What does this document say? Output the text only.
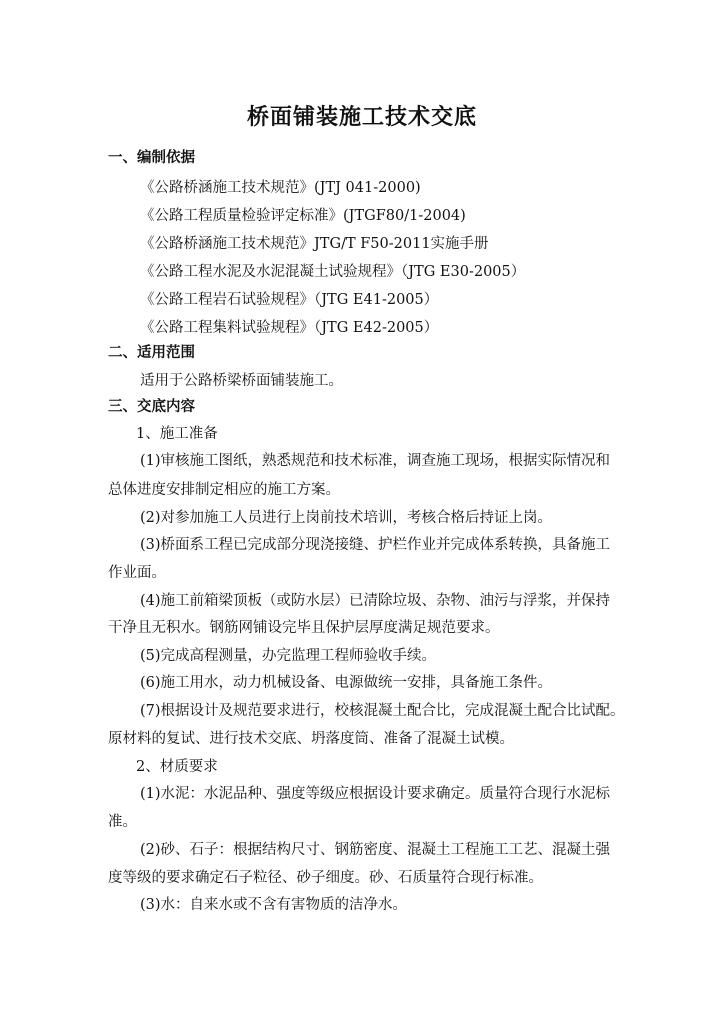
桥面铺装施工技术交底
一、编制依据
《公路桥涵施工技术规范》(JTJ 041-2000)
《公路工程质量检验评定标准》(JTGF80/1-2004)
《公路桥涵施工技术规范》JTG/T F50-2011实施手册
《公路工程水泥及水泥混凝土试验规程》（JTG E30-2005）
《公路工程岩石试验规程》（JTG E41-2005）
《公路工程集料试验规程》（JTG E42-2005）
二、适用范围
适用于公路桥梁桥面铺装施工。
三、交底内容
1、施工准备
(1)审核施工图纸，熟悉规范和技术标准，调查施工现场，根据实际情况和
总体进度安排制定相应的施工方案。
(2)对参加施工人员进行上岗前技术培训，考核合格后持证上岗。
(3)桥面系工程已完成部分现浇接缝、护栏作业并完成体系转换，具备施工
作业面。
(4)施工前箱梁顶板（或防水层）已清除垃圾、杂物、油污与浮浆，并保持
干净且无积水。钢筋网铺设完毕且保护层厚度满足规范要求。
(5)完成高程测量，办完监理工程师验收手续。
(6)施工用水，动力机械设备、电源做统一安排，具备施工条件。
(7)根据设计及规范要求进行，校核混凝土配合比，完成混凝土配合比试配。
原材料的复试、进行技术交底、坍落度筒、准备了混凝土试模。
2、材质要求
(1)水泥：水泥品种、强度等级应根据设计要求确定。质量符合现行水泥标
准。
(2)砂、石子：根据结构尺寸、钢筋密度、混凝土工程施工工艺、混凝土强
度等级的要求确定石子粒径、砂子细度。砂、石质量符合现行标准。
(3)水：自来水或不含有害物质的洁净水。
